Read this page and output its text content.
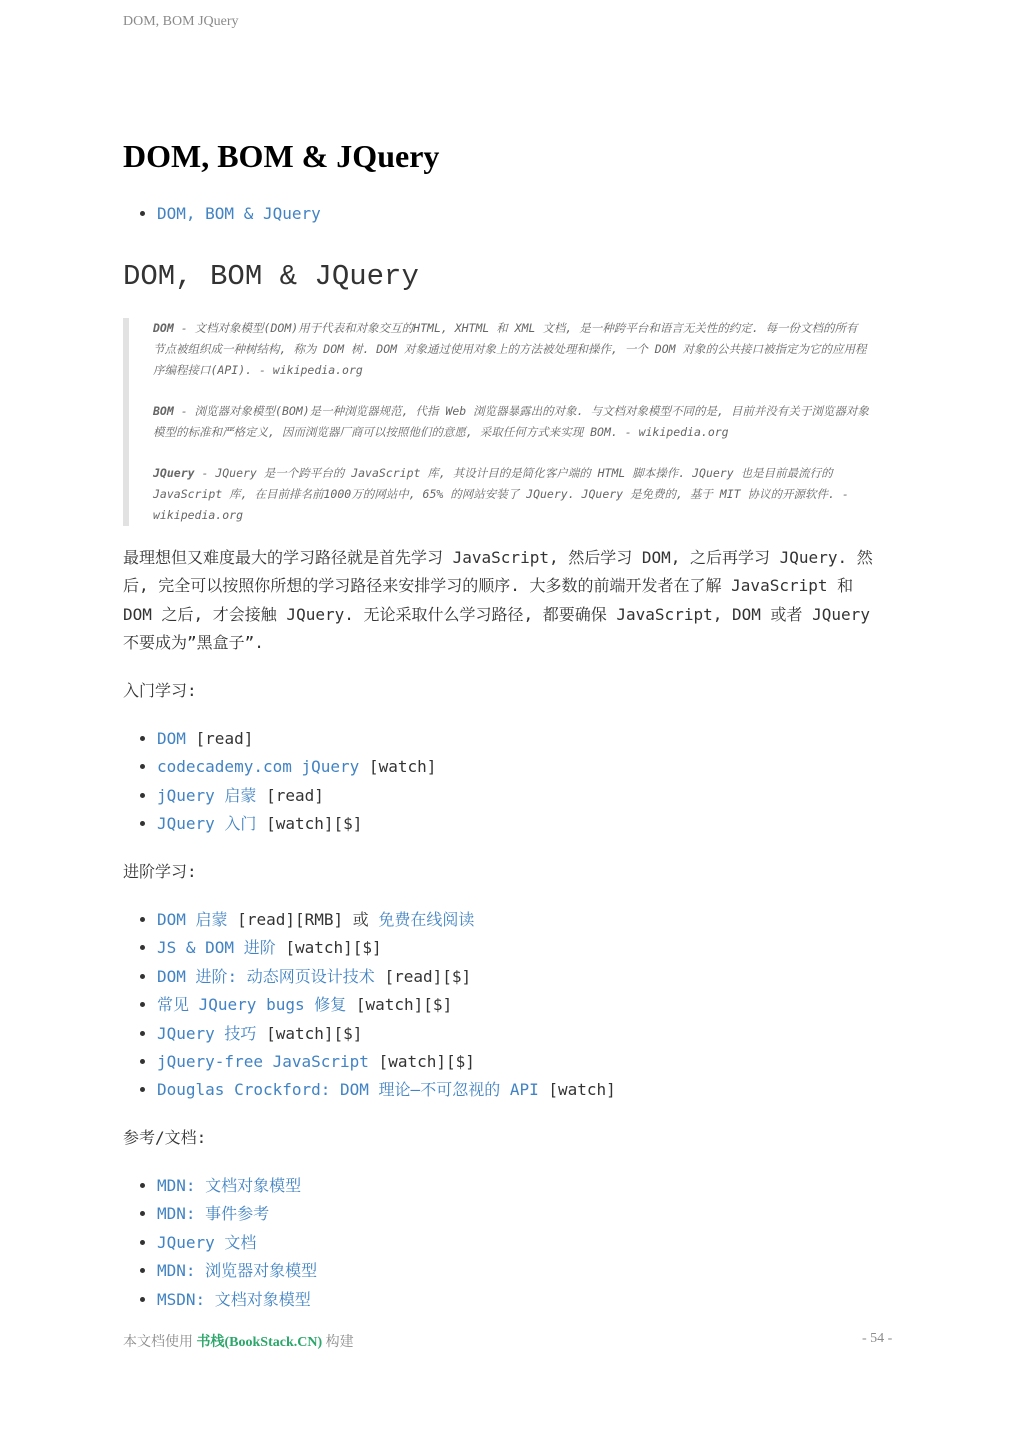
DOM, BOM JQuery
DOM, BOM & JQuery
• DOM, BOM & JQuery
DOM, BOM & JQuery

DOM - 文档对象模型(DOM)用于代表和对象交互的HTML, XHTML 和 XML 文档, 是一种跨平台和语言无关性的约定. 每一份文档的所有节点被组织成一种树结构, 称为 DOM 树. DOM 对象通过使用对象上的方法被处理和操作, 一个 DOM 对象的公共接口被指定为它的应用程序编程接口(API). - wikipedia.org

BOM - 浏览器对象模型(BOM)是一种浏览器规范, 代指 Web 浏览器暴露出的对象. 与文档对象模型不同的是, 目前并没有关于浏览器对象模型的标准和严格定义, 因而浏览器厂商可以按照他们的意愿, 采取任何方式来实现 BOM. - wikipedia.org

JQuery - JQuery 是一个跨平台的 JavaScript 库, 其设计目的是简化客户端的 HTML 脚本操作. JQuery 也是目前最流行的 JavaScript 库, 在目前排名前1000万的网站中, 65% 的网站安装了 JQuery. JQuery 是免费的, 基于 MIT 协议的开源软件. - wikipedia.org

最理想但又难度最大的学习路径就是首先学习 JavaScript, 然后学习 DOM, 之后再学习 JQuery. 然后, 完全可以按照你所想的学习路径来安排学习的顺序. 大多数的前端开发者在了解 JavaScript 和 DOM 之后, 才会接触 JQuery. 无论采取什么学习路径, 都要确保 JavaScript, DOM 或者 JQuery 不要成为”黑盒子”.

入门学习:

• DOM [read]
• codecademy.com jQuery [watch]
• jQuery 启蒙 [read]
• JQuery 入门 [watch][$]

进阶学习:

• DOM 启蒙 [read][RMB] 或 免费在线阅读
• JS & DOM 进阶 [watch][$]
• DOM 进阶: 动态网页设计技术 [read][$]
• 常见 JQuery bugs 修复 [watch][$]
• JQuery 技巧 [watch][$]
• jQuery-free JavaScript [watch][$]
• Douglas Crockford: DOM 理论—不可忽视的 API [watch]

参考/文档:

• MDN: 文档对象模型
• MDN: 事件参考
• JQuery 文档
• MDN: 浏览器对象模型
• MSDN: 文档对象模型
本文档使用 书栈(BookStack.CN) 构建	- 54 -
